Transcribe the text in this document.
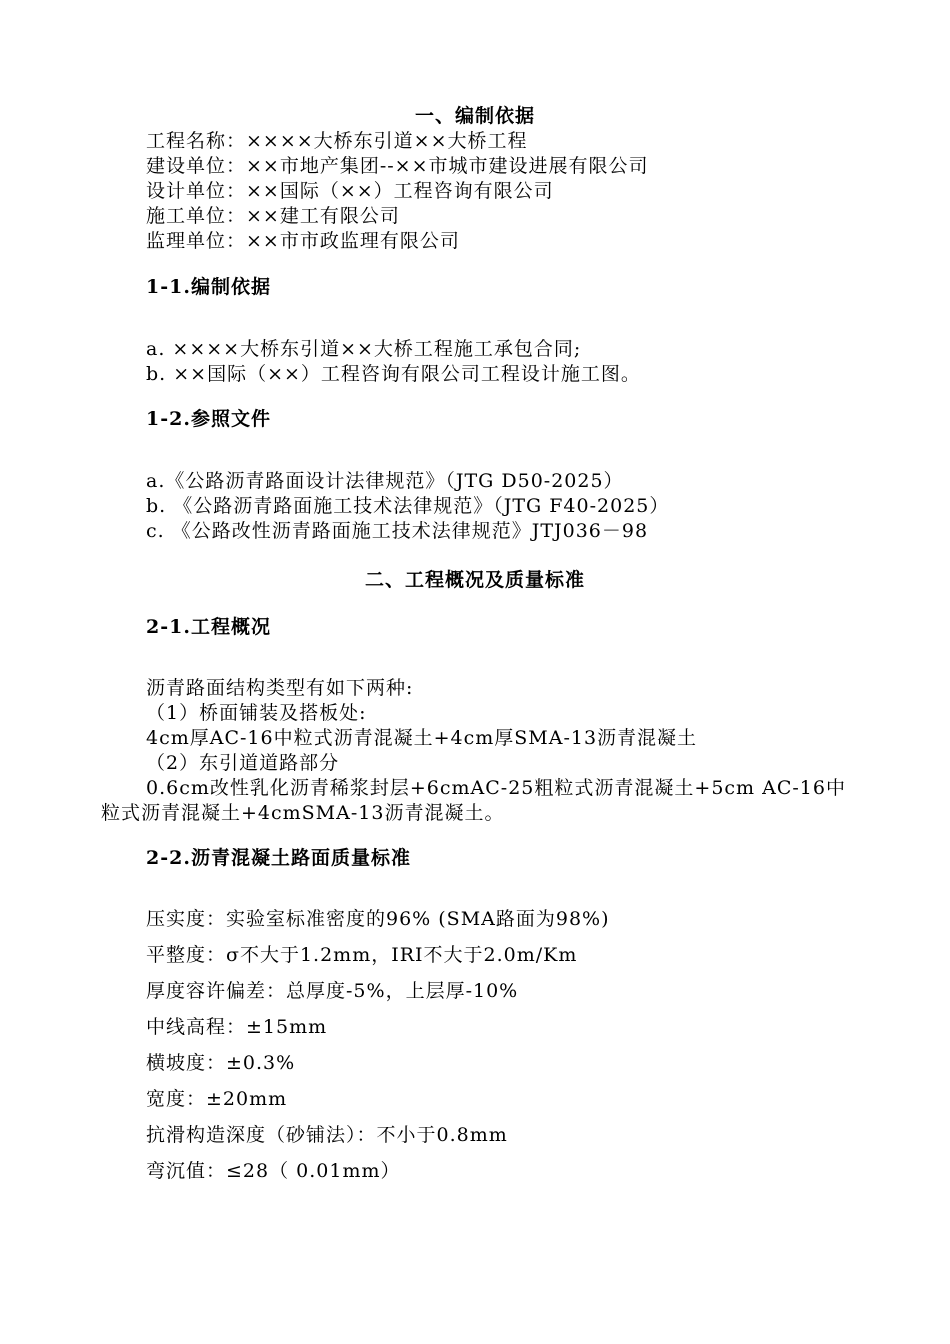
一、编制依据
工程名称：××××大桥东引道××大桥工程
建设单位：××市地产集团--××市城市建设进展有限公司
设计单位：××国际（××）工程咨询有限公司
施工单位：××建工有限公司
监理单位：××市市政监理有限公司
1-1.编制依据
a. ××××大桥东引道××大桥工程施工承包合同;
b. ××国际（××）工程咨询有限公司工程设计施工图。
1-2.参照文件
a.《公路沥青路面设计法律规范》（JTG D50-2025）
b. 《公路沥青路面施工技术法律规范》（JTG F40-2025）
c. 《公路改性沥青路面施工技术法律规范》JTJ036－98
二、工程概况及质量标准
2-1.工程概况
沥青路面结构类型有如下两种:
（1）桥面铺装及搭板处:
4cm厚AC-16中粒式沥青混凝土+4cm厚SMA-13沥青混凝土
（2）东引道道路部分
0.6cm改性乳化沥青稀浆封层+6cmAC-25粗粒式沥青混凝土+5cm AC-16中
粒式沥青混凝土+4cmSMA-13沥青混凝土。
2-2.沥青混凝土路面质量标准
压实度：实验室标准密度的96% (SMA路面为98%)
平整度：σ不大于1.2mm，IRI不大于2.0m/Km
厚度容许偏差：总厚度-5%，上层厚-10%
中线高程：±15mm
横坡度：±0.3%
宽度：±20mm
抗滑构造深度（砂铺法）：不小于0.8mm
弯沉值：≤28（ 0.01mm）
